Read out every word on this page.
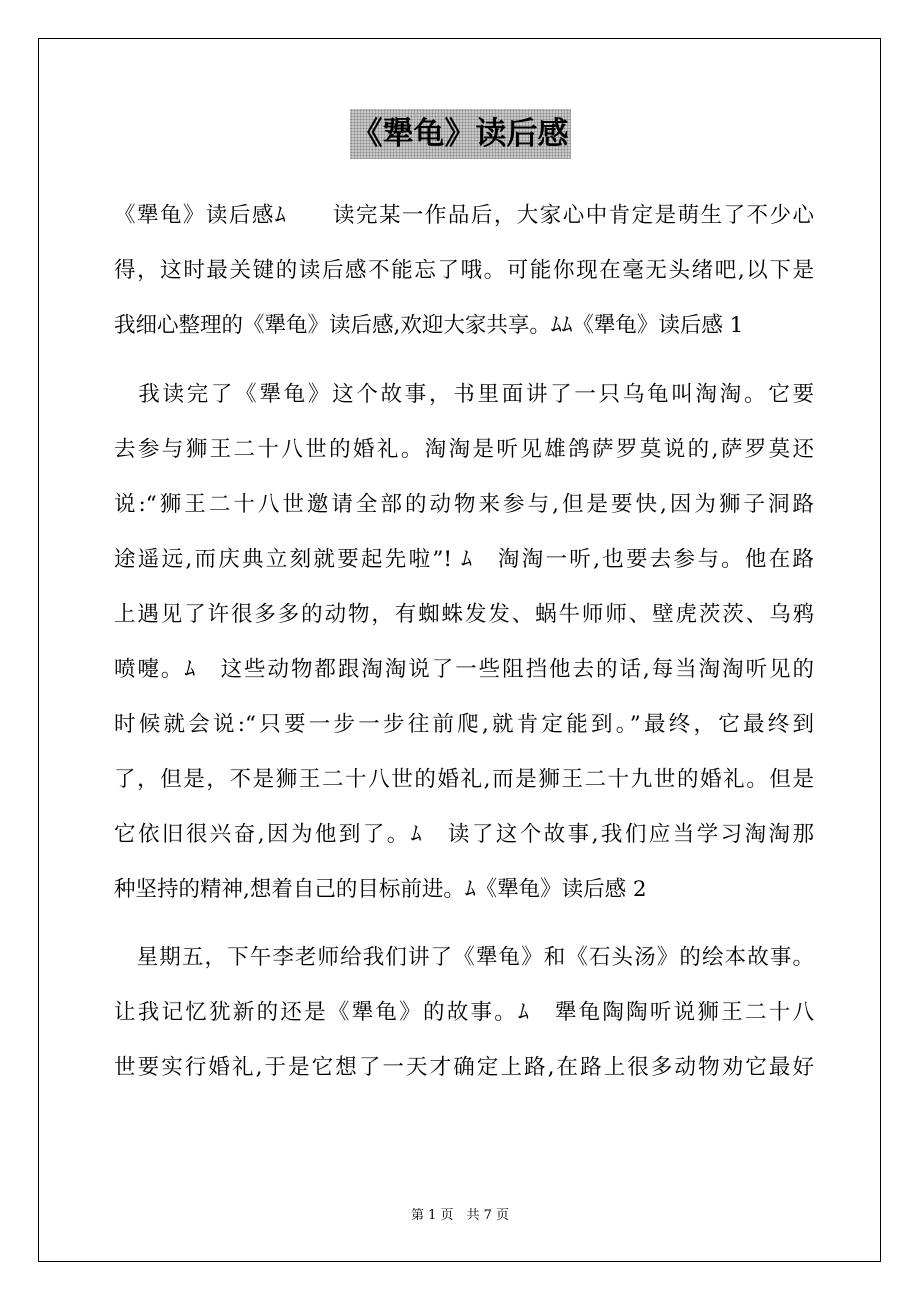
《犟龟》读后感
《犟龟》读后感ﾑ　　读完某一作品后，大家心中肯定是萌生了不少心
得，这时最关键的读后感不能忘了哦。可能你现在毫无头绪吧,以下是
我细心整理的《犟龟》读后感,欢迎大家共享。ﾑﾑ《犟龟》读后感 1
　我读完了《犟龟》这个故事，书里面讲了一只乌龟叫淘淘。它要
去参与狮王二十八世的婚礼。淘淘是听见雄鸽萨罗莫说的,萨罗莫还
说:“狮王二十八世邀请全部的动物来参与,但是要快,因为狮子洞路
途遥远,而庆典立刻就要起先啦”! ﾑ　淘淘一听,也要去参与。他在路
上遇见了许很多多的动物，有蜘蛛发发、蜗牛师师、壁虎茨茨、乌鸦
喷嚏。ﾑ　这些动物都跟淘淘说了一些阻挡他去的话,每当淘淘听见的
时候就会说:“只要一步一步往前爬,就肯定能到。”最终，它最终到
了，但是，不是狮王二十八世的婚礼,而是狮王二十九世的婚礼。但是
它依旧很兴奋,因为他到了。ﾑ　读了这个故事,我们应当学习淘淘那
种坚持的精神,想着自己的目标前进。ﾑ《犟龟》读后感 2
　星期五，下午李老师给我们讲了《犟龟》和《石头汤》的绘本故事。
让我记忆犹新的还是《犟龟》的故事。ﾑ　犟龟陶陶听说狮王二十八
世要实行婚礼,于是它想了一天才确定上路,在路上很多动物劝它最好
第 1 页　共 7 页
